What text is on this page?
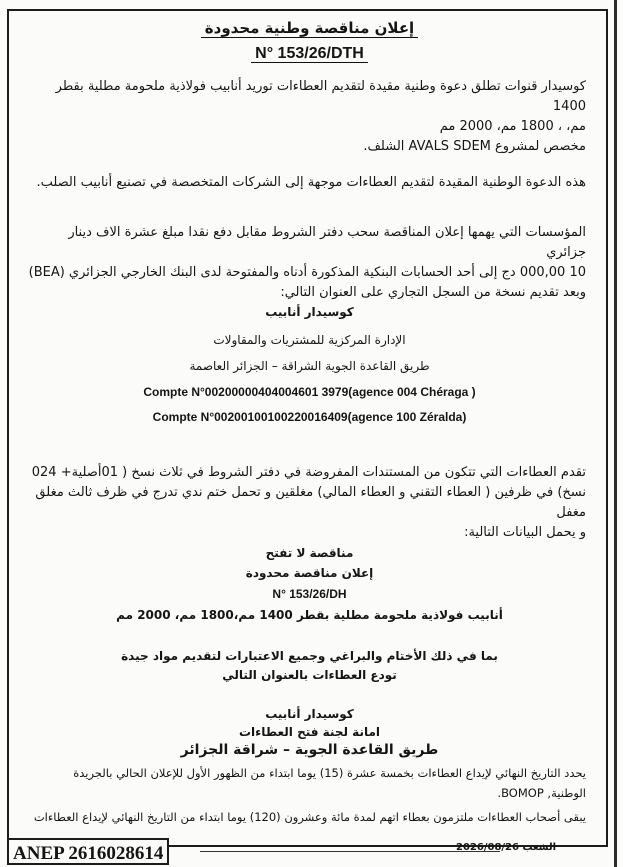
إعلان مناقصة وطنية محدودة
N° 153/26/DTH
كوسيدار قنوات تطلق دعوة وطنية مقيدة لتقديم العطاءات توريد أنابيب فولاذية ملحومة مطلية بقطر 1400
مم، ، 1800 مم، 2000 مم
مخصص لمشروع AVALS SDEM الشلف.
هذه الدعوة الوطنية المقيدة لتقديم العطاءات موجهة إلى الشركات المتخصصة في تصنيع أنابيب الصلب.
المؤسسات التي يهمها إعلان المناقصة سحب دفتر الشروط مقابل دفع نقدا مبلغ عشرة الاف دينار جزائري
10 000,00 دج إلى أحد الحسابات البنكية المذكورة أدناه والمفتوحة لدى البنك الخارجي الجزائري (BEA)
وبعد تقديم نسخة من السجل التجاري على العنوان التالي:
كوسيدار أنابيب
الإدارة المركزية للمشتريات والمقاولات
طريق القاعدة الجوية الشراقة – الجزائر العاصمة
Compte N°00200000404004601 3979(agence 004 Chéraga )
Compte N°00200100100220016409(agence 100 Zéralda)
تقدم العطاءات التي تتكون من المستندات المفروضة في دفتر الشروط في ثلاث نسخ ( 01أصلية+ 024
نسخ) في ظرفين ( العطاء التقني و العطاء المالي) مغلقين و تحمل ختم ندي تدرج في ظرف ثالث مغلق مغفل
و يحمل البيانات التالية:
مناقصة لا تفتح
إعلان مناقصة محدودة
N° 153/26/DH
أنابيب فولاذية ملحومة مطلية بقطر 1400 مم،1800 مم، 2000 مم
بما في ذلك الأختام والبراغي وجميع الاعتبارات لتقديم مواد جيدة
تودع العطاءات بالعنوان التالي
كوسيدار أنابيب
امانة لجنة فتح العطاءات
طريق القاعدة الجوية – شراقة الجزائر
يحدد التاريخ النهائي لإيداع العطاءات بخمسة عشرة (15) يوما ابتداء من الظهور الأول للإعلان الحالي بالجريدة
الوطنية, BOMOP.
يبقى أصحاب العطاءات ملتزمون بعطاء اتهم لمدة مائة وعشرون (120) يوما ابتداء من التاريخ النهائي لإيداع العطاءات
ANEP 2616028614	الشعب 2026/08/26
